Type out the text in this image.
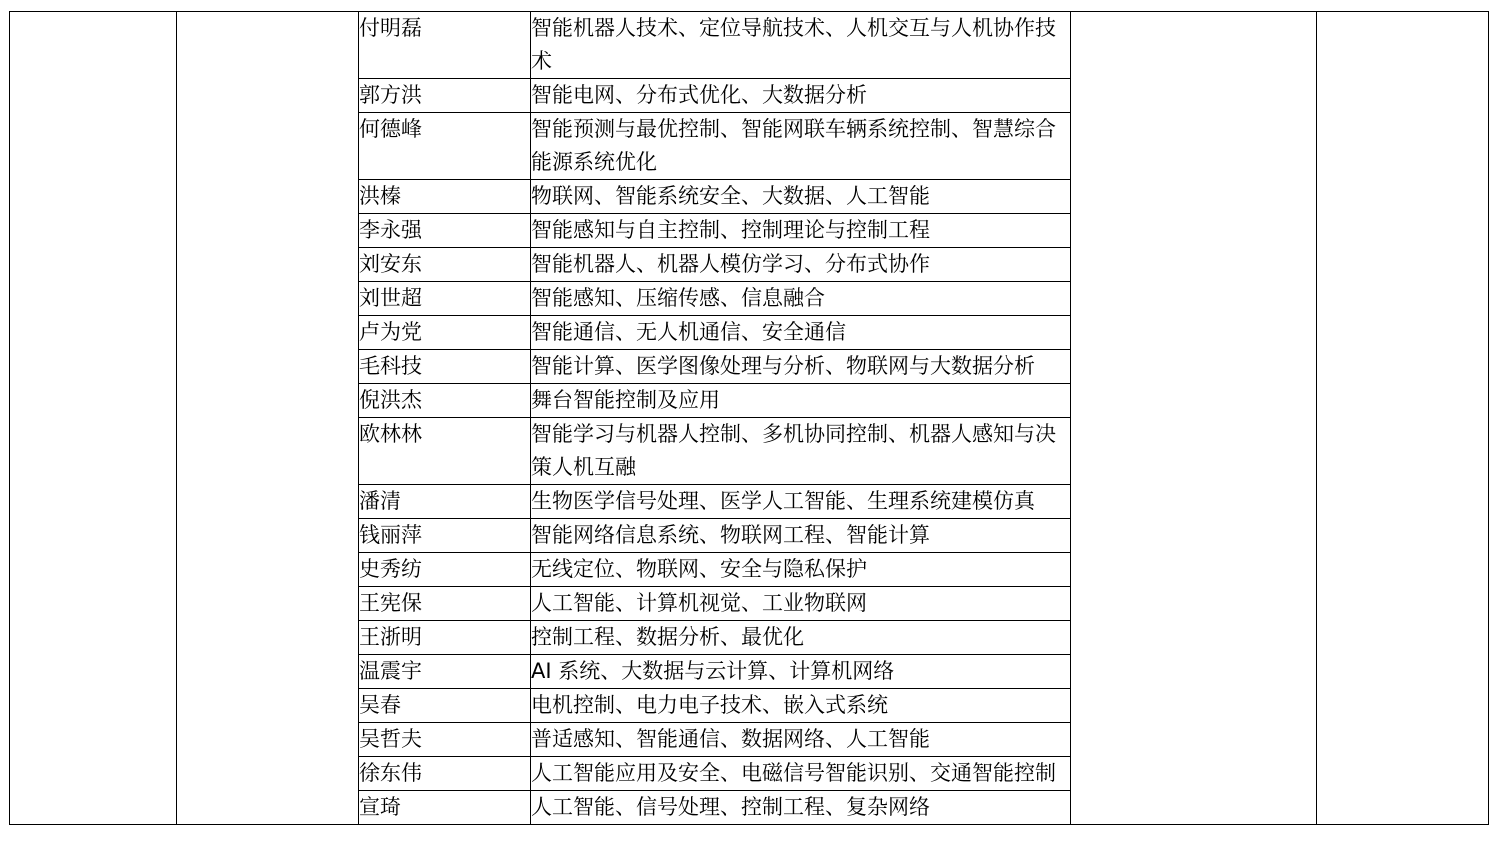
		付明磊	智能机器人技术、定位导航技术、人机交互与人机协作技术		
		郭方洪	智能电网、分布式优化、大数据分析		
		何德峰	智能预测与最优控制、智能网联车辆系统控制、智慧综合能源系统优化		
		洪榛	物联网、智能系统安全、大数据、人工智能		
		李永强	智能感知与自主控制、控制理论与控制工程		
		刘安东	智能机器人、机器人模仿学习、分布式协作		
		刘世超	智能感知、压缩传感、信息融合		
		卢为党	智能通信、无人机通信、安全通信		
		毛科技	智能计算、医学图像处理与分析、物联网与大数据分析		
		倪洪杰	舞台智能控制及应用		
		欧林林	智能学习与机器人控制、多机协同控制、机器人感知与决策人机互融		
		潘清	生物医学信号处理、医学人工智能、生理系统建模仿真		
		钱丽萍	智能网络信息系统、物联网工程、智能计算		
		史秀纺	无线定位、物联网、安全与隐私保护		
		王宪保	人工智能、计算机视觉、工业物联网		
		王浙明	控制工程、数据分析、最优化		
		温震宇	AI 系统、大数据与云计算、计算机网络		
		吴春	电机控制、电力电子技术、嵌入式系统		
		吴哲夫	普适感知、智能通信、数据网络、人工智能		
		徐东伟	人工智能应用及安全、电磁信号智能识别、交通智能控制		
		宣琦	人工智能、信号处理、控制工程、复杂网络		
